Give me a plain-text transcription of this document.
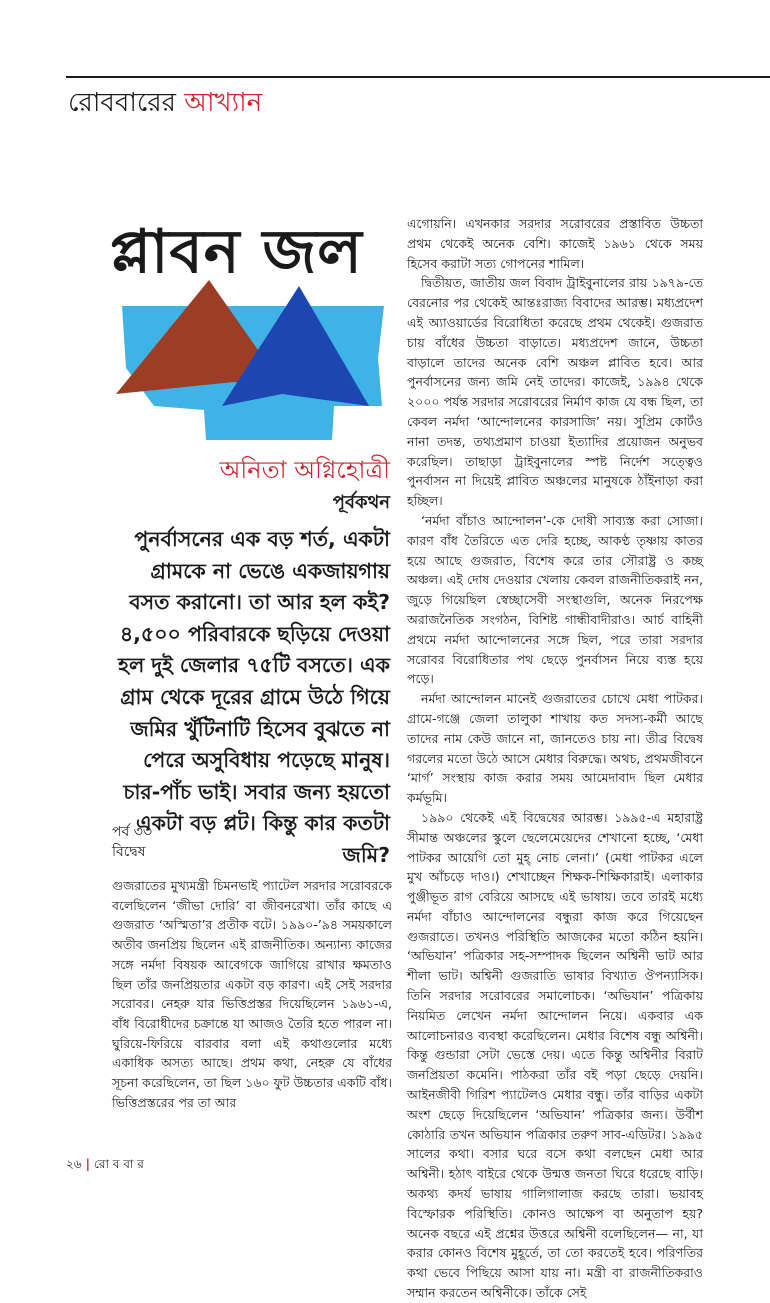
রোববারের আখ্যান
প্লাবন জল
অনিতা অগ্নিহোত্রী
পূর্বকথন
পুনর্বাসনের এক বড় শর্ত, একটা গ্রামকে না ভেঙে একজায়গায় বসত করানো। তা আর হল কই? ৪,৫০০ পরিবারকে ছড়িয়ে দেওয়া হল দুই জেলার ৭৫টি বসতে। এক গ্রাম থেকে দূরের গ্রামে উঠে গিয়ে জমির খুঁটিনাটি হিসেব বুঝতে না পেরে অসুবিধায় পড়েছে মানুষ। চার-পাঁচ ভাই। সবার জন্য হয়তো একটা বড় প্লট। কিন্তু কার কতটা জমি?
পর্ব ৩৩
বিদ্বেষ

গুজরাতের মুখ্যমন্ত্রী চিমনভাই প্যাটেল সরদার সরোবরকে বলেছিলেন ‘জীভা দোরি’ বা জীবনরেখা। তাঁর কাছে এ গুজরাত ‘অস্মিতা’র প্রতীক বটে। ১৯৯০-’৯৪ সময়কালে অতীব জনপ্রিয় ছিলেন এই রাজনীতিক। অন্যান্য কাজের সঙ্গে নর্মদা বিষয়ক আবেগকে জাগিয়ে রাখার ক্ষমতাও ছিল তাঁর জনপ্রিয়তার একটা বড় কারণ। এই সেই সরদার সরোবর। নেহরু যার ভিত্তিপ্রস্তর দিয়েছিলেন ১৯৬১-এ, বাঁধ বিরোধীদের চক্রান্তে যা আজও তৈরি হতে পারল না। ঘুরিয়ে-ফিরিয়ে বারবার বলা এই কথাগুলোর মধ্যে একাধিক অসত্য আছে। প্রথম কথা, নেহরু যে বাঁধের সূচনা করেছিলেন, তা ছিল ১৬০ ফুট উচ্চতার একটি বাঁধ। ভিত্তিপ্রস্তরের পর তা আর

এগোয়নি। এখনকার সরদার সরোবরের প্রস্তাবিত উচ্চতা প্রথম থেকেই অনেক বেশি। কাজেই ১৯৬১ থেকে সময় হিসেব করাটা সত্য গোপনের শামিল।

দ্বিতীয়ত, জাতীয় জল বিবাদ ট্রাইবুনালের রায় ১৯৭৯-তে বেরনোর পর থেকেই আন্তঃরাজ্য বিবাদের আরম্ভ। মধ্যপ্রদেশ এই অ্যাওয়ার্ডের বিরোধিতা করেছে প্রথম থেকেই। গুজরাত চায় বাঁধের উচ্চতা বাড়াতে। মধ্যপ্রদেশ জানে, উচ্চতা বাড়ালে তাদের অনেক বেশি অঞ্চল প্লাবিত হবে। আর পুনর্বাসনের জন্য জমি নেই তাদের। কাজেই, ১৯৯৪ থেকে ২০০০ পর্যন্ত সরদার সরোবরের নির্মাণ কাজ যে বন্ধ ছিল, তা কেবল নর্মদা ‘আন্দোলনের কারসাজি’ নয়। সুপ্রিম কোর্টও নানা তদন্ত, তথ্যপ্রমাণ চাওয়া ইত্যাদির প্রয়োজন অনুভব করেছিল। তাছাড়া ট্রাইবুনালের স্পষ্ট নির্দেশ সত্ত্বেও পুনর্বাসন না দিয়েই প্লাবিত অঞ্চলের মানুষকে ঠাঁইনাড়া করা হচ্ছিল।

‘নর্মদা বাঁচাও আন্দোলন’-কে দোষী সাব্যস্ত করা সোজা। কারণ বাঁধ তৈরিতে এত দেরি হচ্ছে, আকণ্ঠ তৃষ্ণায় কাতর হয়ে আছে গুজরাত, বিশেষ করে তার সৌরাষ্ট্র ও কচ্ছ অঞ্চল। এই দোষ দেওয়ার খেলায় কেবল রাজনীতিকরাই নন, জুড়ে গিয়েছিল স্বেচ্ছাসেবী সংস্থাগুলি, অনেক নিরপেক্ষ অরাজনৈতিক সংগঠন, বিশিষ্ট গান্ধীবাদীরাও। আর্চ বাহিনী প্রথমে নর্মদা আন্দোলনের সঙ্গে ছিল, পরে তারা সরদার সরোবর বিরোধিতার পথ ছেড়ে পুনর্বাসন নিয়ে ব্যস্ত হয়ে পড়ে।

নর্মদা আন্দোলন মানেই গুজরাতের চোখে মেধা পাটকর। গ্রামে-গঞ্জে জেলা তালুকা শাখায় কত সদস্য-কর্মী আছে তাদের নাম কেউ জানে না, জানতেও চায় না। তীব্র বিদ্বেষ গরলের মতো উঠে আসে মেধার বিরুদ্ধে। অথচ, প্রথমজীবনে ‘মার্গ’ সংস্থায় কাজ করার সময় আমেদাবাদ ছিল মেধার কর্মভূমি।

১৯৯০ থেকেই এই বিদ্বেষের আরম্ভ। ১৯৯৫-এ মহারাষ্ট্র সীমান্ত অঞ্চলের স্কুলে ছেলেমেয়েদের শেখানো হচ্ছে, ‘মেধা পাটকর আয়েগি তো মুহ্ নোচ লেনা।’ (মেধা পাটকর এলে মুখ আঁচড়ে দাও।) শেখাচ্ছেন শিক্ষক-শিক্ষিকারাই। এলাকার পুঞ্জীভূত রাগ বেরিয়ে আসছে এই ভাষায়। তবে তারই মধ্যে নর্মদা বাঁচাও আন্দোলনের বন্ধুরা কাজ করে গিয়েছেন গুজরাতে। তখনও পরিস্থিতি আজকের মতো কঠিন হয়নি। ‘অভিযান’ পত্রিকার সহ-সম্পাদক ছিলেন অশ্বিনী ভাট আর শীলা ভাট। অশ্বিনী গুজরাতি ভাষার বিখ্যাত ঔপন্যাসিক। তিনি সরদার সরোবরের সমালোচক। ‘অভিযান’ পত্রিকায় নিয়মিত লেখেন নর্মদা আন্দোলন নিয়ে। একবার এক আলোচনারও ব্যবস্থা করেছিলেন। মেধার বিশেষ বন্ধু অশ্বিনী। কিন্তু গুন্ডারা সেটা ভেস্তে দেয়। এতে কিন্তু অশ্বিনীর বিরাট জনপ্রিয়তা কমেনি। পাঠকরা তাঁর বই পড়া ছেড়ে দেয়নি। আইনজীবী গিরিশ প্যাটেলও মেধার বন্ধু। তাঁর বাড়ির একটা অংশ ছেড়ে দিয়েছিলেন ‘অভিযান’ পত্রিকার জন্য। উর্বীশ কোঠারি তখন অভিযান পত্রিকার তরুণ সাব-এডিটর। ১৯৯৫ সালের কথা। বসার ঘরে বসে কথা বলছেন মেধা আর অশ্বিনী। হঠাৎ বাইরে থেকে উন্মত্ত জনতা ঘিরে ধরেছে বাড়ি। অকথ্য কদর্য ভাষায় গালিগালাজ করছে তারা। ভয়াবহ বিস্ফোরক পরিস্থিতি। কোনও আক্ষেপ বা অনুতাপ হয়? অনেক বছরে এই প্রশ্নের উত্তরে অশ্বিনী বলেছিলেন— না, যা করার কোনও বিশেষ মুহূর্তে, তা তো করতেই হবে। পরিণতির কথা ভেবে পিছিয়ে আসা যায় না। মন্ত্রী বা রাজনীতিকরাও সম্মান করতেন অশ্বিনীকে। তাঁকে সেই

২৬ | রো ব বা র
